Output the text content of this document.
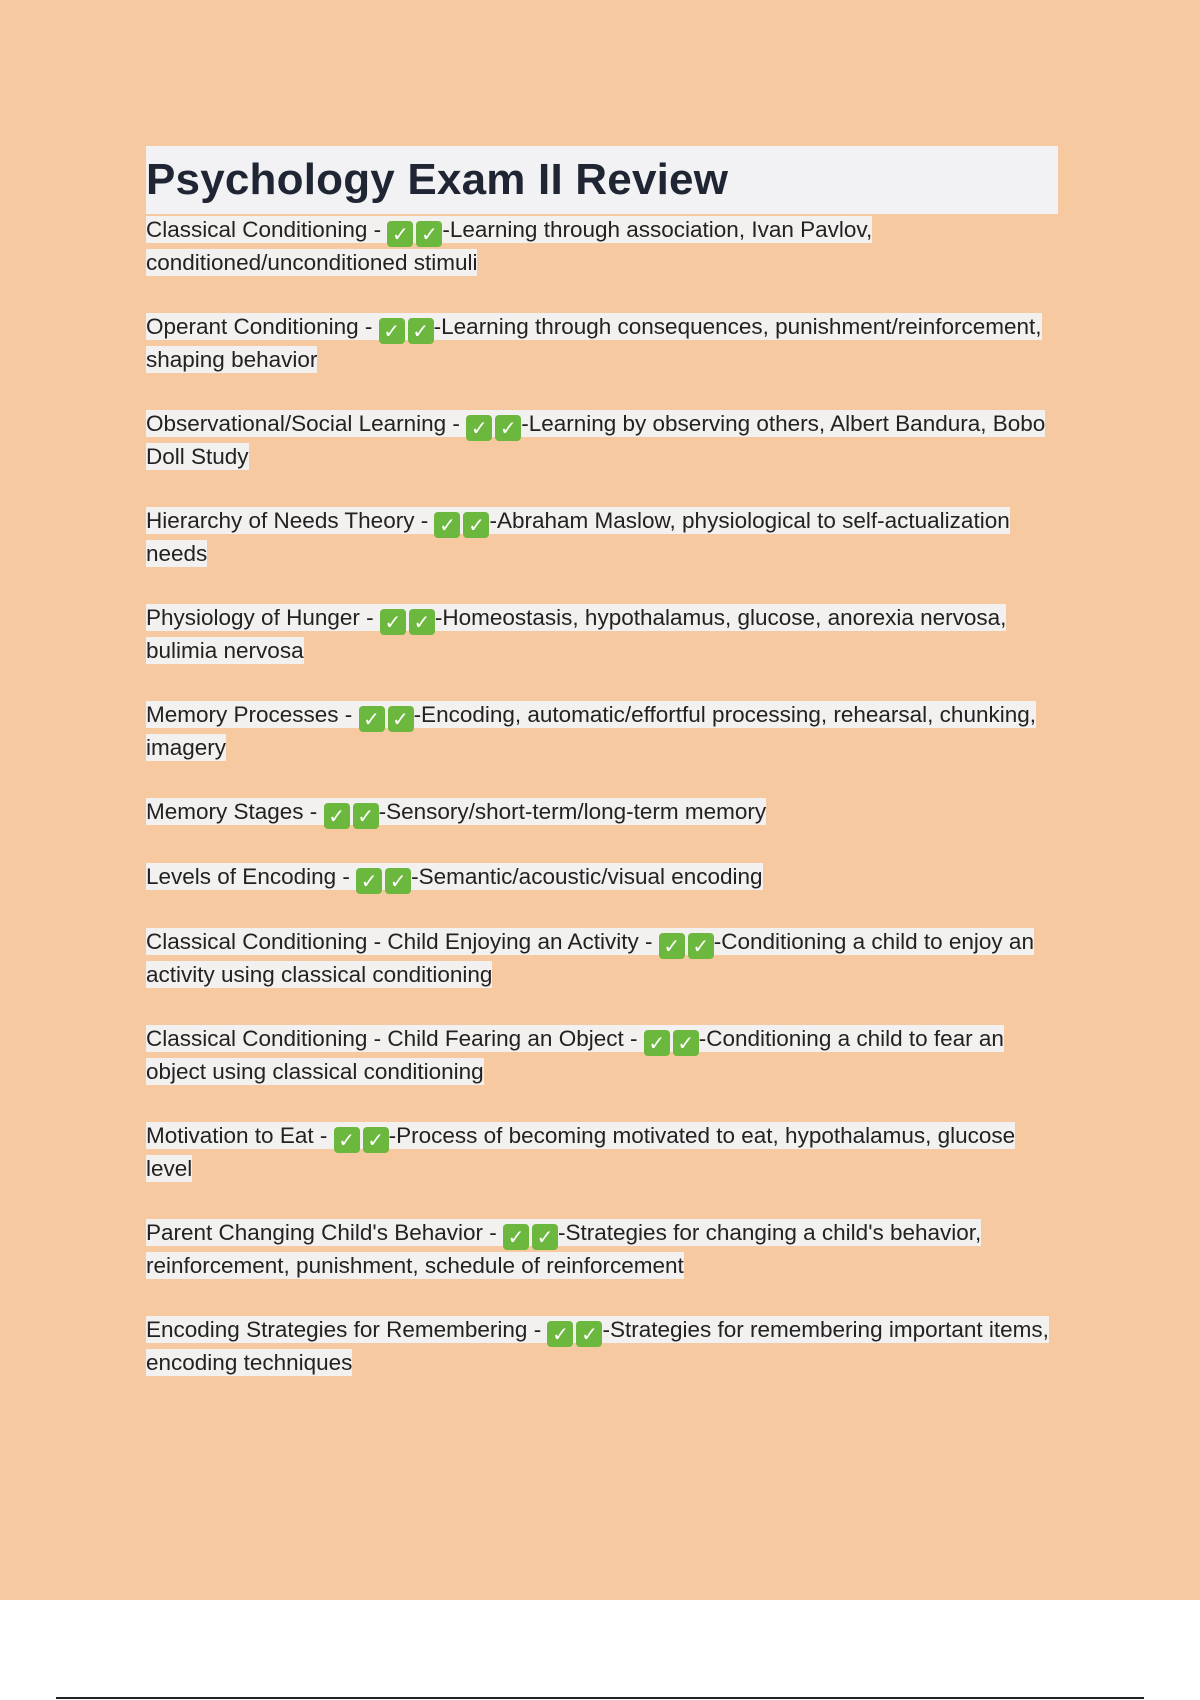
Psychology Exam II Review

Classical Conditioning - ✓ ✓ -Learning through association, Ivan Pavlov, conditioned/unconditioned stimuli

Operant Conditioning - ✓ ✓ -Learning through consequences, punishment/reinforcement, shaping behavior

Observational/Social Learning - ✓ ✓ -Learning by observing others, Albert Bandura, Bobo Doll Study

Hierarchy of Needs Theory - ✓ ✓ -Abraham Maslow, physiological to self-actualization needs

Physiology of Hunger - ✓ ✓ -Homeostasis, hypothalamus, glucose, anorexia nervosa, bulimia nervosa

Memory Processes - ✓ ✓ -Encoding, automatic/effortful processing, rehearsal, chunking, imagery

Memory Stages - ✓ ✓ -Sensory/short-term/long-term memory

Levels of Encoding - ✓ ✓ -Semantic/acoustic/visual encoding

Classical Conditioning - Child Enjoying an Activity - ✓ ✓ -Conditioning a child to enjoy an activity using classical conditioning

Classical Conditioning - Child Fearing an Object - ✓ ✓ -Conditioning a child to fear an object using classical conditioning

Motivation to Eat - ✓ ✓ -Process of becoming motivated to eat, hypothalamus, glucose level

Parent Changing Child's Behavior - ✓ ✓ -Strategies for changing a child's behavior, reinforcement, punishment, schedule of reinforcement

Encoding Strategies for Remembering - ✓ ✓ -Strategies for remembering important items, encoding techniques
